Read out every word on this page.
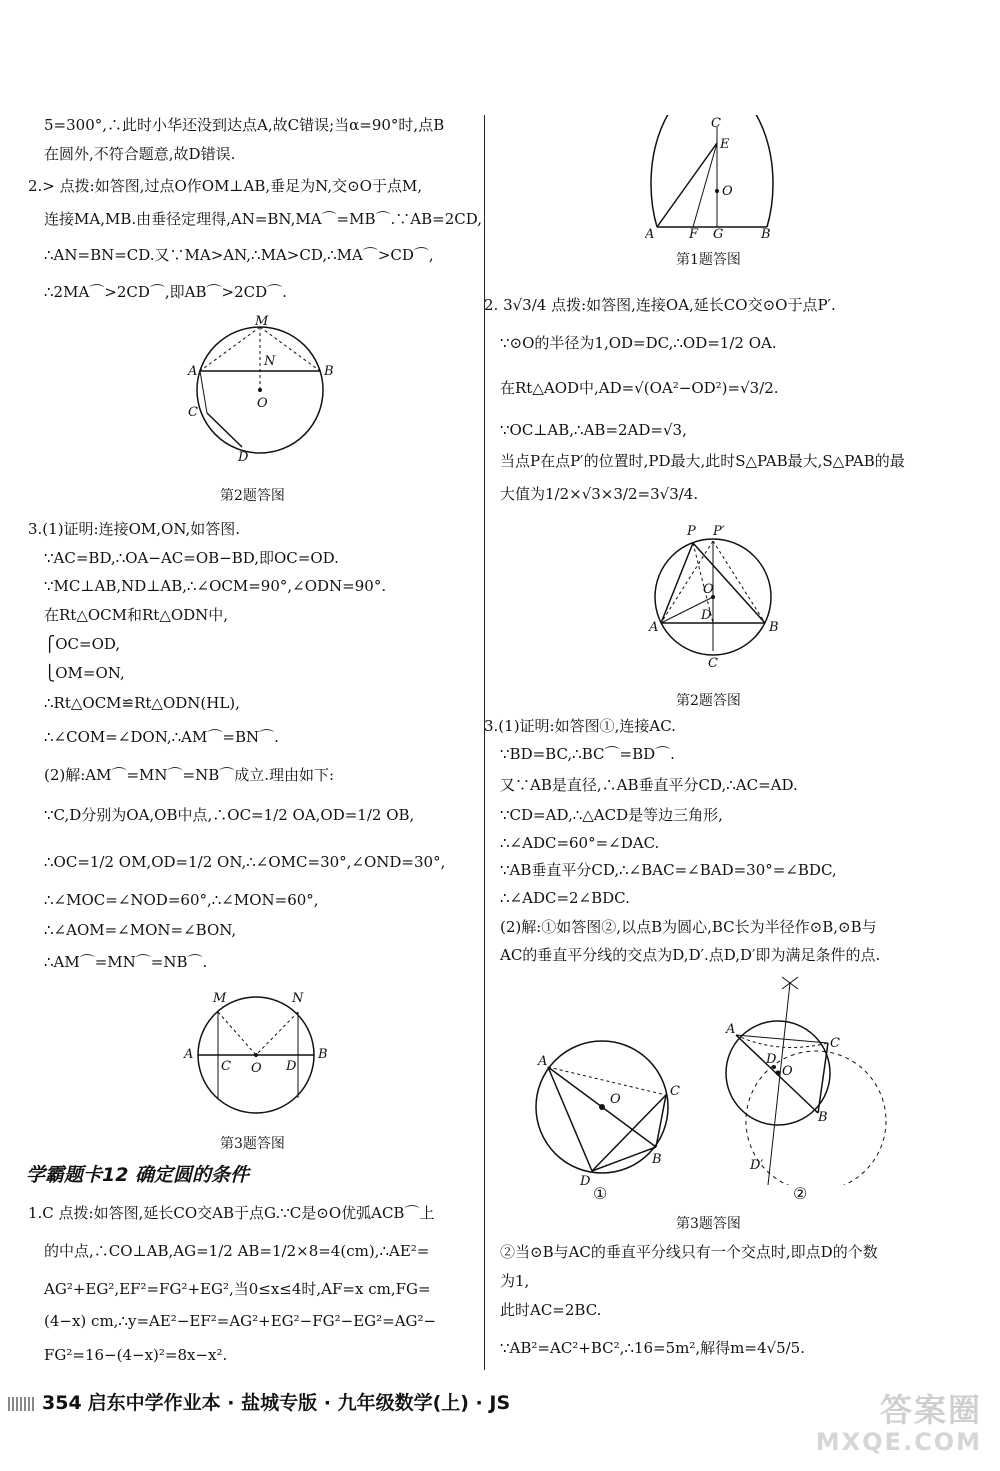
5=300°,∴此时小华还没到达点A,故C错误;当α=90°时,点B
在圆外,不符合题意,故D错误.
2.> 点拨:如答图,过点O作OM⊥AB,垂足为N,交⊙O于点M,
连接MA,MB.由垂径定理得,AN=BN,MA⌒=MB⌒.∵AB=2CD,
∴AN=BN=CD.又∵MA>AN,∴MA>CD,∴MA⌒>CD⌒,
∴2MA⌒>2CD⌒,即AB⌒>2CD⌒.
3.(1)证明:连接OM,ON,如答图.
∵AC=BD,∴OA−AC=OB−BD,即OC=OD.
∵MC⊥AB,ND⊥AB,∴∠OCM=90°,∠ODN=90°.
在Rt△OCM和Rt△ODN中,
⎧OC=OD,
⎩OM=ON,
∴Rt△OCM≌Rt△ODN(HL),
∴∠COM=∠DON,∴AM⌒=BN⌒.
(2)解:AM⌒=MN⌒=NB⌒成立.理由如下:
∵C,D分别为OA,OB中点,∴OC=1/2 OA,OD=1/2 OB,
∴OC=1/2 OM,OD=1/2 ON,∴∠OMC=30°,∠OND=30°,
∴∠MOC=∠NOD=60°,∴∠MON=60°,
∴∠AOM=∠MON=∠BON,
∴AM⌒=MN⌒=NB⌒.
学霸题卡12 确定圆的条件
1.C 点拨:如答图,延长CO交AB于点G.∵C是⊙O优弧ACB⌒上
的中点,∴CO⊥AB,AG=1/2 AB=1/2×8=4(cm),∴AE²=
AG²+EG²,EF²=FG²+EG²,当0≤x≤4时,AF=x cm,FG=
(4−x) cm,∴y=AE²−EF²=AG²+EG²−FG²−EG²=AG²−
FG²=16−(4−x)²=8x−x².
第2题答图
第3题答图
M
N
A	B
O
C
D
M	N
A
C O D
B
第1题答图
2. 3√3/4 点拨:如答图,连接OA,延长CO交⊙O于点P′.
∵⊙O的半径为1,OD=DC,∴OD=1/2 OA.
在Rt△AOD中,AD=√(OA²−OD²)=√3/2.
∵OC⊥AB,∴AB=2AD=√3,
当点P在点P′的位置时,PD最大,此时S△PAB最大,S△PAB的最
大值为1/2×√3×3/2=3√3/4.
第2题答图
3.(1)证明:如答图①,连接AC.
∵BD=BC,∴BC⌒=BD⌒.
又∵AB是直径,∴AB垂直平分CD,∴AC=AD.
∵CD=AD,∴△ACD是等边三角形,
∴∠ADC=60°=∠DAC.
∵AB垂直平分CD,∴∠BAC=∠BAD=30°=∠BDC,
∴∠ADC=2∠BDC.
(2)解:①如答图②,以点B为圆心,BC长为半径作⊙B,⊙B与
AC的垂直平分线的交点为D,D′.点D,D′即为满足条件的点.
①	②
第3题答图
②当⊙B与AC的垂直平分线只有一个交点时,即点D的个数
为1,
此时AC=2BC.
∵AB²=AC²+BC²,∴16=5m²,解得m=4√5/5.
C
E
O
A	F G	B
P P′
O
D
A	B
C
A
O
C
B
D
A
C
D
O
B
D′
354 启东中学作业本 · 盐城专版 · 九年级数学(上) · JS	答案圈
MXQE.COM
